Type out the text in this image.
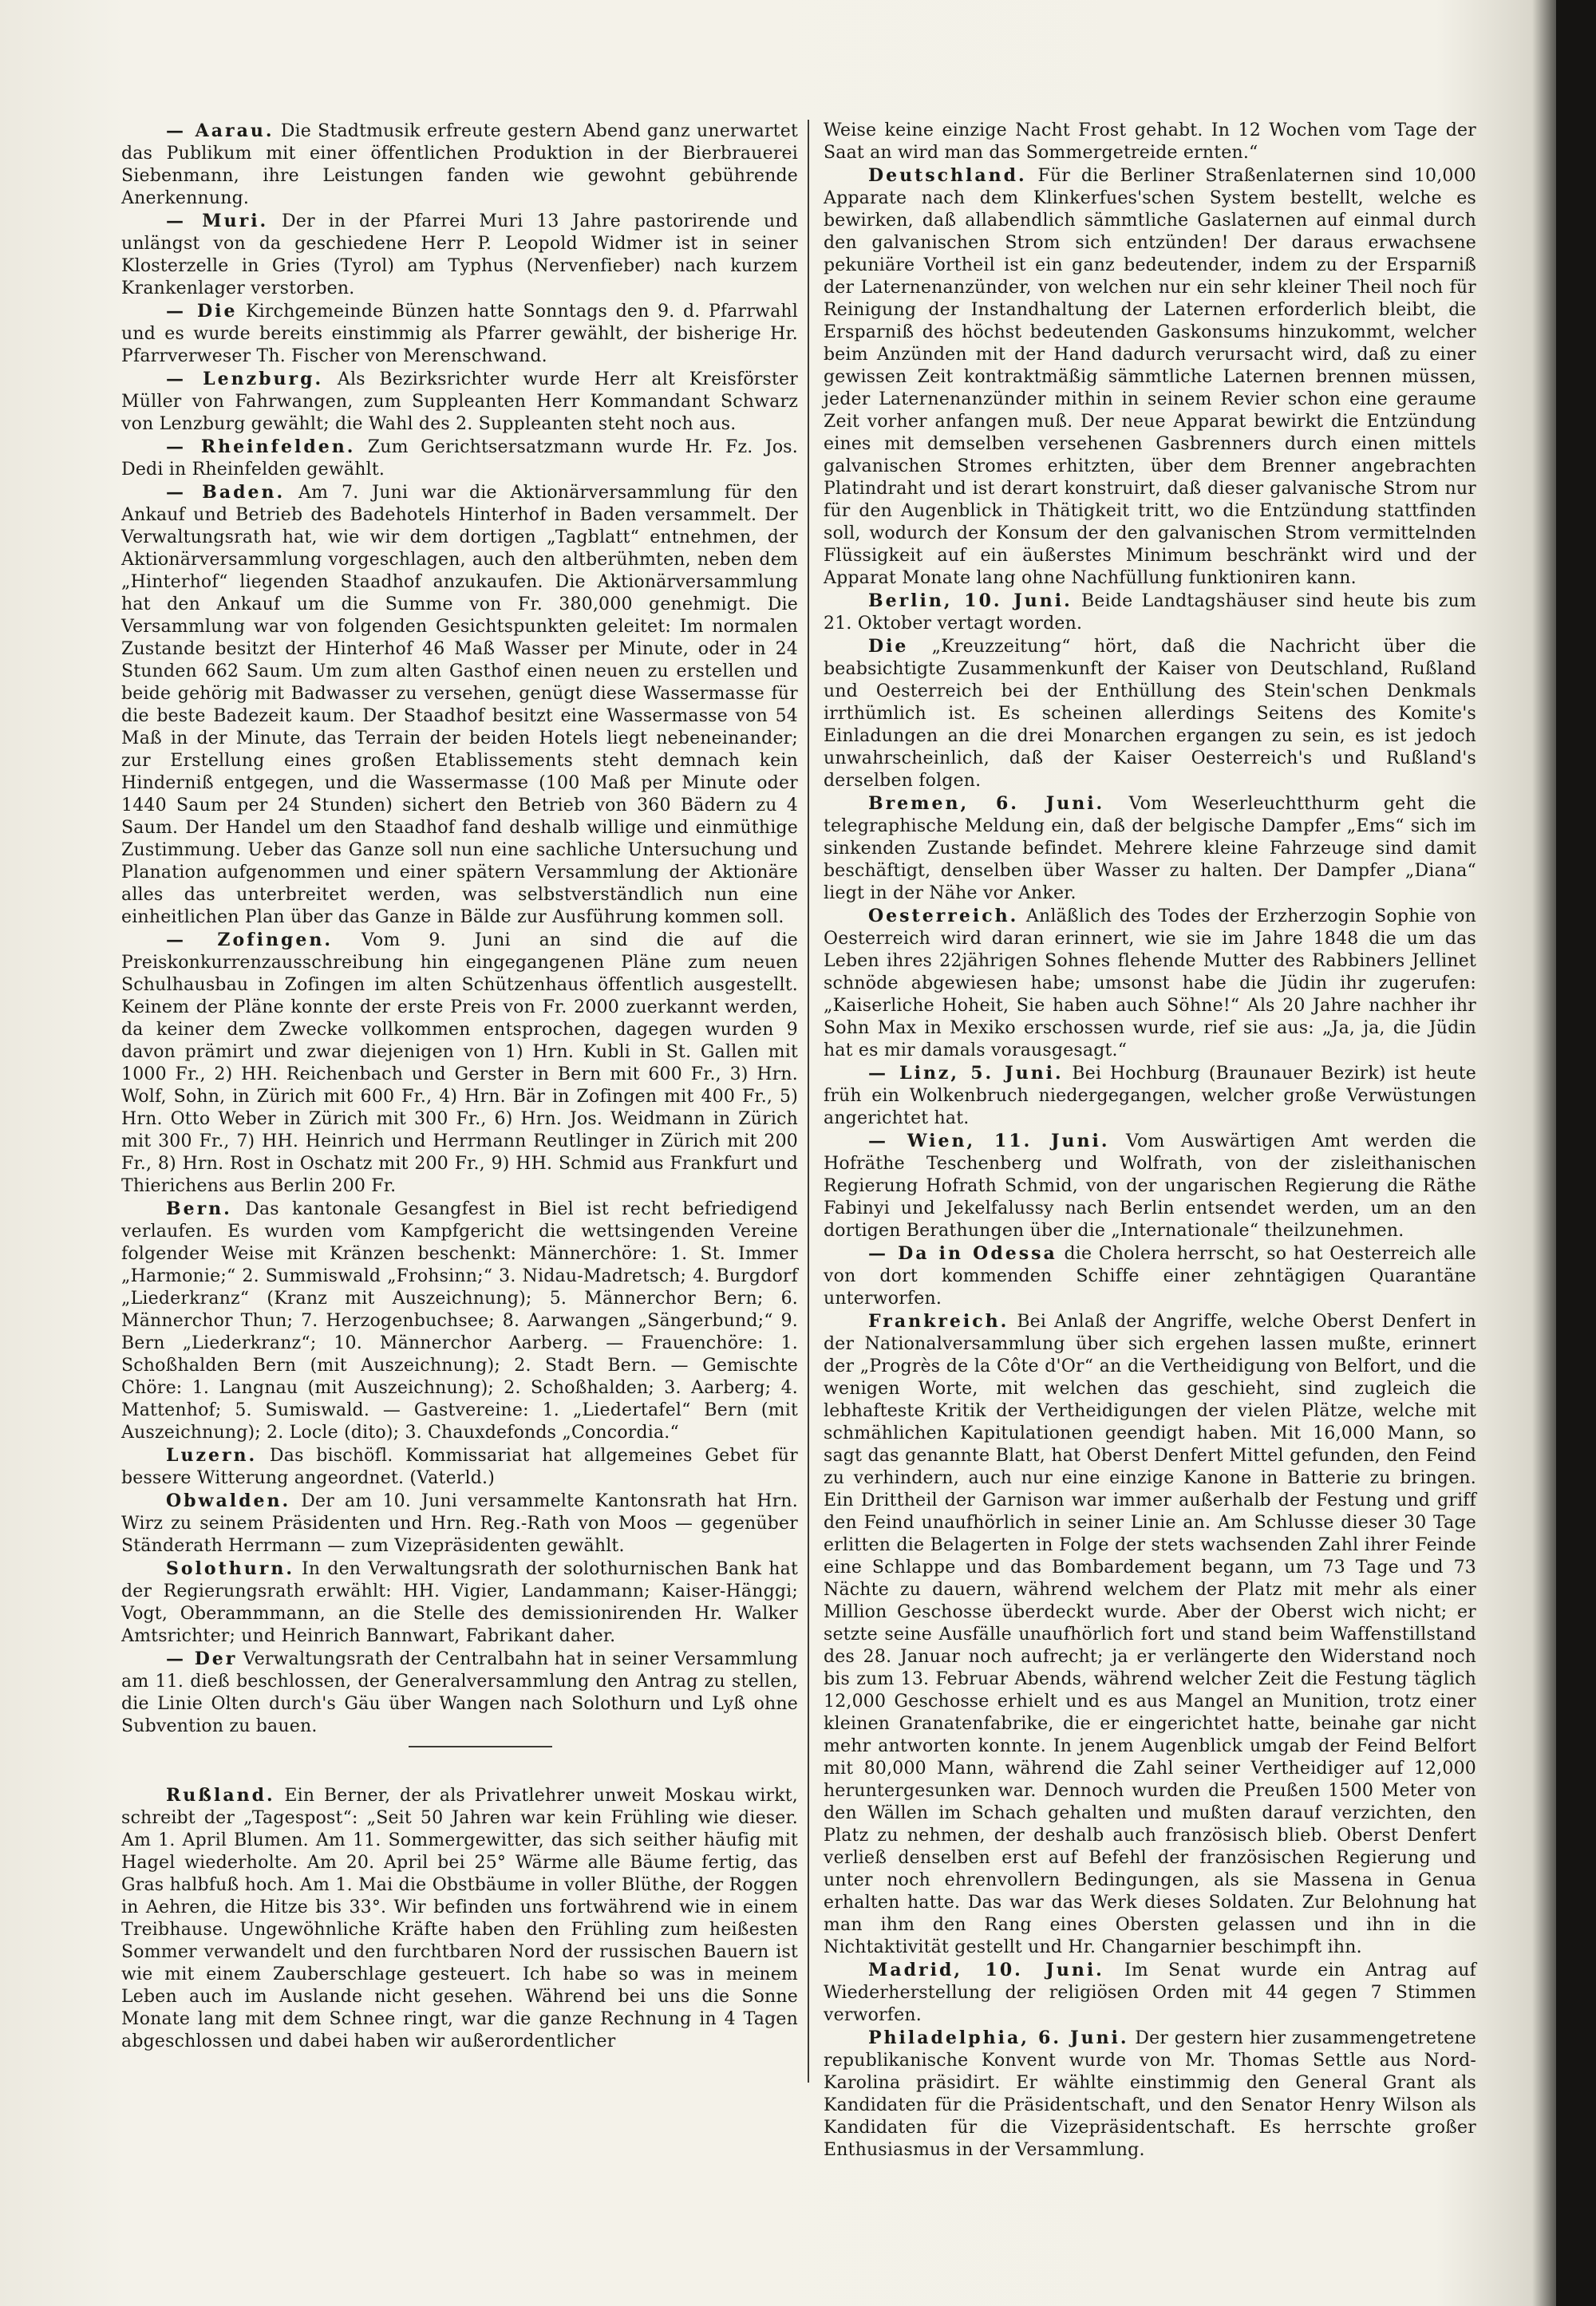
— Aarau. Die Stadtmusik erfreute gestern Abend ganz unerwartet das Publikum mit einer öffentlichen Produktion in der Bierbrauerei Siebenmann, ihre Leistungen fanden wie gewohnt gebührende Anerkennung.

— Muri. Der in der Pfarrei Muri 13 Jahre pastorirende und unlängst von da geschiedene Herr P. Leopold Widmer ist in seiner Klosterzelle in Gries (Tyrol) am Typhus (Nervenfieber) nach kurzem Krankenlager verstorben.

— Die Kirchgemeinde Bünzen hatte Sonntags den 9. d. Pfarrwahl und es wurde bereits einstimmig als Pfarrer gewählt, der bisherige Hr. Pfarrverweser Th. Fischer von Merenschwand.

— Lenzburg. Als Bezirksrichter wurde Herr alt Kreisförster Müller von Fahrwangen, zum Suppleanten Herr Kommandant Schwarz von Lenzburg gewählt; die Wahl des 2. Suppleanten steht noch aus.

— Rheinfelden. Zum Gerichtsersatzmann wurde Hr. Fz. Jos. Dedi in Rheinfelden gewählt.

— Baden. Am 7. Juni war die Aktionärversammlung für den Ankauf und Betrieb des Badehotels Hinterhof in Baden versammelt. Der Verwaltungsrath hat, wie wir dem dortigen „Tagblatt“ entnehmen, der Aktionärversammlung vorgeschlagen, auch den altberühmten, neben dem „Hinterhof“ liegenden Staadhof anzukaufen. Die Aktionärversammlung hat den Ankauf um die Summe von Fr. 380,000 genehmigt. Die Versammlung war von folgenden Gesichtspunkten geleitet: Im normalen Zustande besitzt der Hinterhof 46 Maß Wasser per Minute, oder in 24 Stunden 662 Saum. Um zum alten Gasthof einen neuen zu erstellen und beide gehörig mit Badwasser zu versehen, genügt diese Wassermasse für die beste Badezeit kaum. Der Staadhof besitzt eine Wassermasse von 54 Maß in der Minute, das Terrain der beiden Hotels liegt nebeneinander; zur Erstellung eines großen Etablissements steht demnach kein Hinderniß entgegen, und die Wassermasse (100 Maß per Minute oder 1440 Saum per 24 Stunden) sichert den Betrieb von 360 Bädern zu 4 Saum. Der Handel um den Staadhof fand deshalb willige und einmüthige Zustimmung. Ueber das Ganze soll nun eine sachliche Untersuchung und Planation aufgenommen und einer spätern Versammlung der Aktionäre alles das unterbreitet werden, was selbstverständlich nun eine einheitlichen Plan über das Ganze in Bälde zur Ausführung kommen soll.

— Zofingen. Vom 9. Juni an sind die auf die Preiskonkurrenzausschreibung hin eingegangenen Pläne zum neuen Schulhausbau in Zofingen im alten Schützenhaus öffentlich ausgestellt. Keinem der Pläne konnte der erste Preis von Fr. 2000 zuerkannt werden, da keiner dem Zwecke vollkommen entsprochen, dagegen wurden 9 davon prämirt und zwar diejenigen von 1) Hrn. Kubli in St. Gallen mit 1000 Fr., 2) HH. Reichenbach und Gerster in Bern mit 600 Fr., 3) Hrn. Wolf, Sohn, in Zürich mit 600 Fr., 4) Hrn. Bär in Zofingen mit 400 Fr., 5) Hrn. Otto Weber in Zürich mit 300 Fr., 6) Hrn. Jos. Weidmann in Zürich mit 300 Fr., 7) HH. Heinrich und Herrmann Reutlinger in Zürich mit 200 Fr., 8) Hrn. Rost in Oschatz mit 200 Fr., 9) HH. Schmid aus Frankfurt und Thierichens aus Berlin 200 Fr.

Bern. Das kantonale Gesangfest in Biel ist recht befriedigend verlaufen. Es wurden vom Kampfgericht die wettsingenden Vereine folgender Weise mit Kränzen beschenkt: Männerchöre: 1. St. Immer „Harmonie;“ 2. Summiswald „Frohsinn;“ 3. Nidau-Madretsch; 4. Burgdorf „Liederkranz“ (Kranz mit Auszeichnung); 5. Männerchor Bern; 6. Männerchor Thun; 7. Herzogenbuchsee; 8. Aarwangen „Sängerbund;“ 9. Bern „Liederkranz“; 10. Männerchor Aarberg. — Frauenchöre: 1. Schoßhalden Bern (mit Auszeichnung); 2. Stadt Bern. — Gemischte Chöre: 1. Langnau (mit Auszeichnung); 2. Schoßhalden; 3. Aarberg; 4. Mattenhof; 5. Sumiswald. — Gastvereine: 1. „Liedertafel“ Bern (mit Auszeichnung); 2. Locle (dito); 3. Chauxdefonds „Concordia.“

Luzern. Das bischöfl. Kommissariat hat allgemeines Gebet für bessere Witterung angeordnet. (Vaterld.)

Obwalden. Der am 10. Juni versammelte Kantonsrath hat Hrn. Wirz zu seinem Präsidenten und Hrn. Reg.-Rath von Moos — gegenüber Ständerath Herrmann — zum Vizepräsidenten gewählt.

Solothurn. In den Verwaltungsrath der solothurnischen Bank hat der Regierungsrath erwählt: HH. Vigier, Landammann; Kaiser-Hänggi; Vogt, Oberammmann, an die Stelle des demissionirenden Hr. Walker Amtsrichter; und Heinrich Bannwart, Fabrikant daher.

— Der Verwaltungsrath der Centralbahn hat in seiner Versammlung am 11. dieß beschlossen, der Generalversammlung den Antrag zu stellen, die Linie Olten durch's Gäu über Wangen nach Solothurn und Lyß ohne Subvention zu bauen.

Rußland. Ein Berner, der als Privatlehrer unweit Moskau wirkt, schreibt der „Tagespost“: „Seit 50 Jahren war kein Frühling wie dieser. Am 1. April Blumen. Am 11. Sommergewitter, das sich seither häufig mit Hagel wiederholte. Am 20. April bei 25° Wärme alle Bäume fertig, das Gras halbfuß hoch. Am 1. Mai die Obstbäume in voller Blüthe, der Roggen in Aehren, die Hitze bis 33°. Wir befinden uns fortwährend wie in einem Treibhause. Ungewöhnliche Kräfte haben den Frühling zum heißesten Sommer verwandelt und den furchtbaren Nord der russischen Bauern ist wie mit einem Zauberschlage gesteuert. Ich habe so was in meinem Leben auch im Auslande nicht gesehen. Während bei uns die Sonne Monate lang mit dem Schnee ringt, war die ganze Rechnung in 4 Tagen abgeschlossen und dabei haben wir außerordentlicher

Weise keine einzige Nacht Frost gehabt. In 12 Wochen vom Tage der Saat an wird man das Sommergetreide ernten.“

Deutschland. Für die Berliner Straßenlaternen sind 10,000 Apparate nach dem Klinkerfues'schen System bestellt, welche es bewirken, daß allabendlich sämmtliche Gaslaternen auf einmal durch den galvanischen Strom sich entzünden! Der daraus erwachsene pekuniäre Vortheil ist ein ganz bedeutender, indem zu der Ersparniß der Laternenanzünder, von welchen nur ein sehr kleiner Theil noch für Reinigung der Instandhaltung der Laternen erforderlich bleibt, die Ersparniß des höchst bedeutenden Gaskonsums hinzukommt, welcher beim Anzünden mit der Hand dadurch verursacht wird, daß zu einer gewissen Zeit kontraktmäßig sämmtliche Laternen brennen müssen, jeder Laternenanzünder mithin in seinem Revier schon eine geraume Zeit vorher anfangen muß. Der neue Apparat bewirkt die Entzündung eines mit demselben versehenen Gasbrenners durch einen mittels galvanischen Stromes erhitzten, über dem Brenner angebrachten Platindraht und ist derart konstruirt, daß dieser galvanische Strom nur für den Augenblick in Thätigkeit tritt, wo die Entzündung stattfinden soll, wodurch der Konsum der den galvanischen Strom vermittelnden Flüssigkeit auf ein äußerstes Minimum beschränkt wird und der Apparat Monate lang ohne Nachfüllung funktioniren kann.

Berlin, 10. Juni. Beide Landtagshäuser sind heute bis zum 21. Oktober vertagt worden.

Die „Kreuzzeitung“ hört, daß die Nachricht über die beabsichtigte Zusammenkunft der Kaiser von Deutschland, Rußland und Oesterreich bei der Enthüllung des Stein'schen Denkmals irrthümlich ist. Es scheinen allerdings Seitens des Komite's Einladungen an die drei Monarchen ergangen zu sein, es ist jedoch unwahrscheinlich, daß der Kaiser Oesterreich's und Rußland's derselben folgen.

Bremen, 6. Juni. Vom Weserleuchtthurm geht die telegraphische Meldung ein, daß der belgische Dampfer „Ems“ sich im sinkenden Zustande befindet. Mehrere kleine Fahrzeuge sind damit beschäftigt, denselben über Wasser zu halten. Der Dampfer „Diana“ liegt in der Nähe vor Anker.

Oesterreich. Anläßlich des Todes der Erzherzogin Sophie von Oesterreich wird daran erinnert, wie sie im Jahre 1848 die um das Leben ihres 22jährigen Sohnes flehende Mutter des Rabbiners Jellinet schnöde abgewiesen habe; umsonst habe die Jüdin ihr zugerufen: „Kaiserliche Hoheit, Sie haben auch Söhne!“ Als 20 Jahre nachher ihr Sohn Max in Mexiko erschossen wurde, rief sie aus: „Ja, ja, die Jüdin hat es mir damals vorausgesagt.“

— Linz, 5. Juni. Bei Hochburg (Braunauer Bezirk) ist heute früh ein Wolkenbruch niedergegangen, welcher große Verwüstungen angerichtet hat.

— Wien, 11. Juni. Vom Auswärtigen Amt werden die Hofräthe Teschenberg und Wolfrath, von der zisleithanischen Regierung Hofrath Schmid, von der ungarischen Regierung die Räthe Fabinyi und Jekelfalussy nach Berlin entsendet werden, um an den dortigen Berathungen über die „Internationale“ theilzunehmen.

— Da in Odessa die Cholera herrscht, so hat Oesterreich alle von dort kommenden Schiffe einer zehntägigen Quarantäne unterworfen.

Frankreich. Bei Anlaß der Angriffe, welche Oberst Denfert in der Nationalversammlung über sich ergehen lassen mußte, erinnert der „Progrès de la Côte d'Or“ an die Vertheidigung von Belfort, und die wenigen Worte, mit welchen das geschieht, sind zugleich die lebhafteste Kritik der Vertheidigungen der vielen Plätze, welche mit schmählichen Kapitulationen geendigt haben. Mit 16,000 Mann, so sagt das genannte Blatt, hat Oberst Denfert Mittel gefunden, den Feind zu verhindern, auch nur eine einzige Kanone in Batterie zu bringen. Ein Drittheil der Garnison war immer außerhalb der Festung und griff den Feind unaufhörlich in seiner Linie an. Am Schlusse dieser 30 Tage erlitten die Belagerten in Folge der stets wachsenden Zahl ihrer Feinde eine Schlappe und das Bombardement begann, um 73 Tage und 73 Nächte zu dauern, während welchem der Platz mit mehr als einer Million Geschosse überdeckt wurde. Aber der Oberst wich nicht; er setzte seine Ausfälle unaufhörlich fort und stand beim Waffenstillstand des 28. Januar noch aufrecht; ja er verlängerte den Widerstand noch bis zum 13. Februar Abends, während welcher Zeit die Festung täglich 12,000 Geschosse erhielt und es aus Mangel an Munition, trotz einer kleinen Granatenfabrike, die er eingerichtet hatte, beinahe gar nicht mehr antworten konnte. In jenem Augenblick umgab der Feind Belfort mit 80,000 Mann, während die Zahl seiner Vertheidiger auf 12,000 heruntergesunken war. Dennoch wurden die Preußen 1500 Meter von den Wällen im Schach gehalten und mußten darauf verzichten, den Platz zu nehmen, der deshalb auch französisch blieb. Oberst Denfert verließ denselben erst auf Befehl der französischen Regierung und unter noch ehrenvollern Bedingungen, als sie Massena in Genua erhalten hatte. Das war das Werk dieses Soldaten. Zur Belohnung hat man ihm den Rang eines Obersten gelassen und ihn in die Nichtaktivität gestellt und Hr. Changarnier beschimpft ihn.

Madrid, 10. Juni. Im Senat wurde ein Antrag auf Wiederherstellung der religiösen Orden mit 44 gegen 7 Stimmen verworfen.

Philadelphia, 6. Juni. Der gestern hier zusammengetretene republikanische Konvent wurde von Mr. Thomas Settle aus Nord-Karolina präsidirt. Er wählte einstimmig den General Grant als Kandidaten für die Präsidentschaft, und den Senator Henry Wilson als Kandidaten für die Vizepräsidentschaft. Es herrschte großer Enthusiasmus in der Versammlung.
